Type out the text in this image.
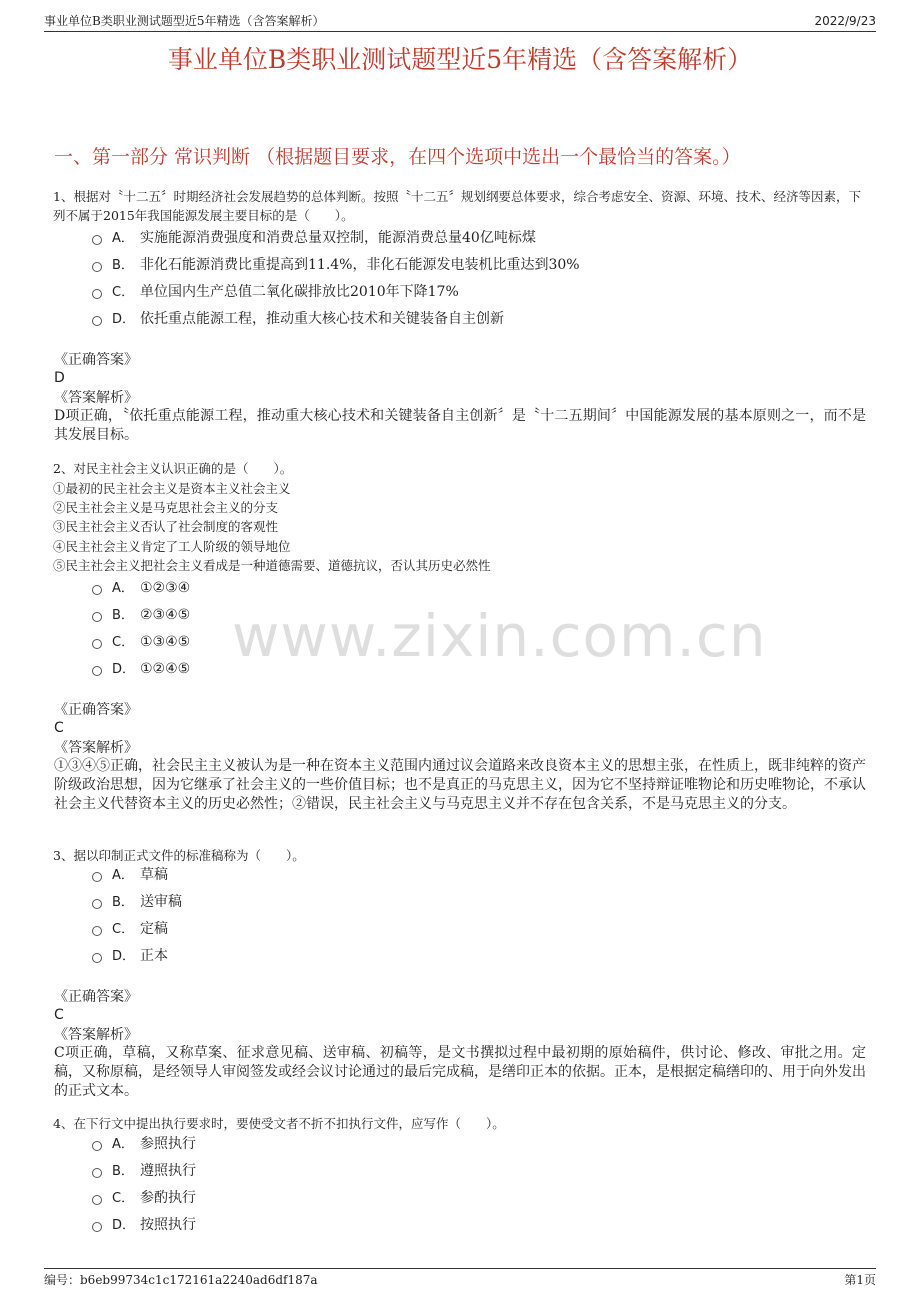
事业单位B类职业测试题型近5年精选（含答案解析）	2022/9/23
事业单位B类职业测试题型近5年精选（含答案解析）
一、第一部分 常识判断 （根据题目要求，在四个选项中选出一个最恰当的答案。）
www.zixin.com.cn
1、根据对〝十二五〞时期经济社会发展趋势的总体判断。按照〝十二五〞规划纲要总体要求，综合考虑安全、资源、环境、技术、经济等因素，下列不属于2015年我国能源发展主要目标的是（　　）。
A． 实施能源消费强度和消费总量双控制，能源消费总量40亿吨标煤
B． 非化石能源消费比重提高到11.4%，非化石能源发电装机比重达到30%
C． 单位国内生产总值二氧化碳排放比2010年下降17%
D． 依托重点能源工程，推动重大核心技术和关键装备自主创新
《正确答案》
D
《答案解析》
D项正确，〝依托重点能源工程，推动重大核心技术和关键装备自主创新〞是〝十二五期间〞中国能源发展的基本原则之一，而不是其发展目标。
2、对民主社会主义认识正确的是（　　）。
①最初的民主社会主义是资本主义社会主义
②民主社会主义是马克思社会主义的分支
③民主社会主义否认了社会制度的客观性
④民主社会主义肯定了工人阶级的领导地位
⑤民主社会主义把社会主义看成是一种道德需要、道德抗议，否认其历史必然性
A． ①②③④
B． ②③④⑤
C． ①③④⑤
D． ①②④⑤
《正确答案》
C
《答案解析》
①③④⑤正确，社会民主主义被认为是一种在资本主义范围内通过议会道路来改良资本主义的思想主张，在性质上，既非纯粹的资产阶级政治思想，因为它继承了社会主义的一些价值目标；也不是真正的马克思主义，因为它不坚持辩证唯物论和历史唯物论，不承认社会主义代替资本主义的历史必然性；②错误，民主社会主义与马克思主义并不存在包含关系，不是马克思主义的分支。
3、据以印制正式文件的标准稿称为（　　）。
A． 草稿
B． 送审稿
C． 定稿
D． 正本
《正确答案》
C
《答案解析》
C项正确，草稿，又称草案、征求意见稿、送审稿、初稿等，是文书撰拟过程中最初期的原始稿件，供讨论、修改、审批之用。定稿，又称原稿，是经领导人审阅签发或经会议讨论通过的最后完成稿，是缮印正本的依据。正本，是根据定稿缮印的、用于向外发出的正式文本。
4、在下行文中提出执行要求时，要使受文者不折不扣执行文件，应写作（　　）。
A． 参照执行
B． 遵照执行
C． 参酌执行
D． 按照执行
编号：b6eb99734c1c172161a2240ad6df187a	第1页
